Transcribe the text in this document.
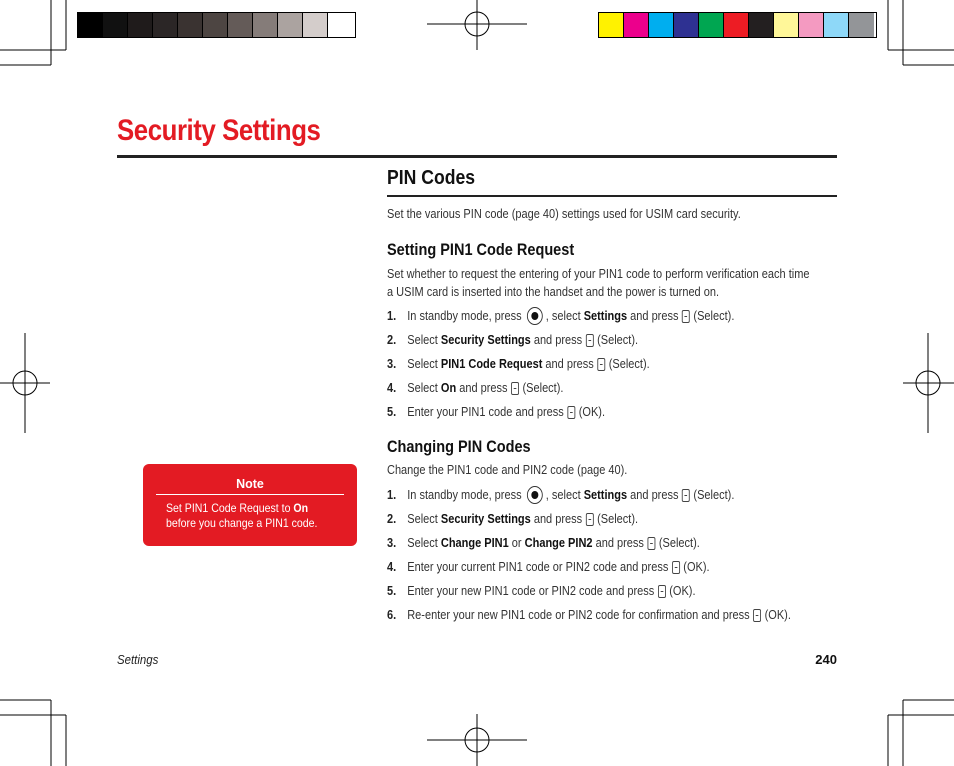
Security Settings
PIN Codes
Set the various PIN code (page 40) settings used for USIM card security.
Setting PIN1 Code Request
Set whether to request the entering of your PIN1 code to perform verification each time
a USIM card is inserted into the handset and the power is turned on.
1. In standby mode, press
, select
Settings
and press (Select).
2. Select
Security Settings
and press (Select).
3. Select
PIN1 Code Request
and press (Select).
4. Select
On
and press (Select).
5. Enter your PIN1 code and press (OK).
Changing PIN Codes
Change the PIN1 code and PIN2 code (page 40).
1. In standby mode, press
, select
Settings
and press (Select).
2. Select
Security Settings
and press (Select).
3. Select
Change PIN1
or
Change PIN2
and press (Select).
4. Enter your current PIN1 code or PIN2 code and press (OK).
5. Enter your new PIN1 code or PIN2 code and press (OK).
6. Re-enter your new PIN1 code or PIN2 code for confirmation and press (OK).
Note
Set PIN1 Code Request to On
before you change a PIN1 code.
Settings	240
